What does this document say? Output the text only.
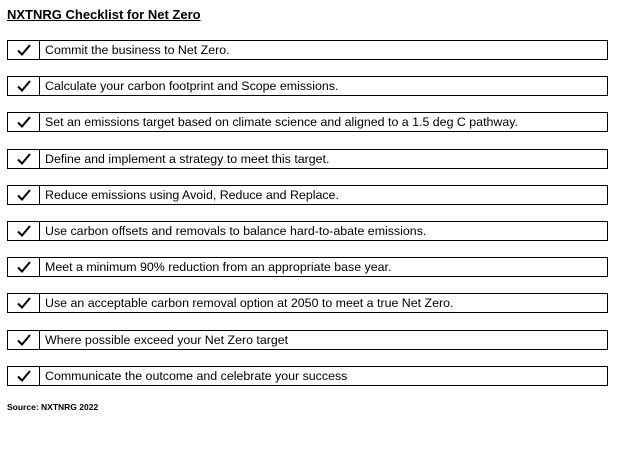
NXTNRG Checklist for Net Zero
Commit the business to Net Zero.
Calculate your carbon footprint and Scope emissions.
Set an emissions target based on climate science and aligned to a 1.5 deg C pathway.
Define and implement a strategy to meet this target.
Reduce emissions using Avoid, Reduce and Replace.
Use carbon offsets and removals to balance hard-to-abate emissions.
Meet a minimum 90% reduction from an appropriate base year.
Use an acceptable carbon removal option at 2050 to meet a true Net Zero.
Where possible exceed your Net Zero target
Communicate the outcome and celebrate your success
Source: NXTNRG 2022
